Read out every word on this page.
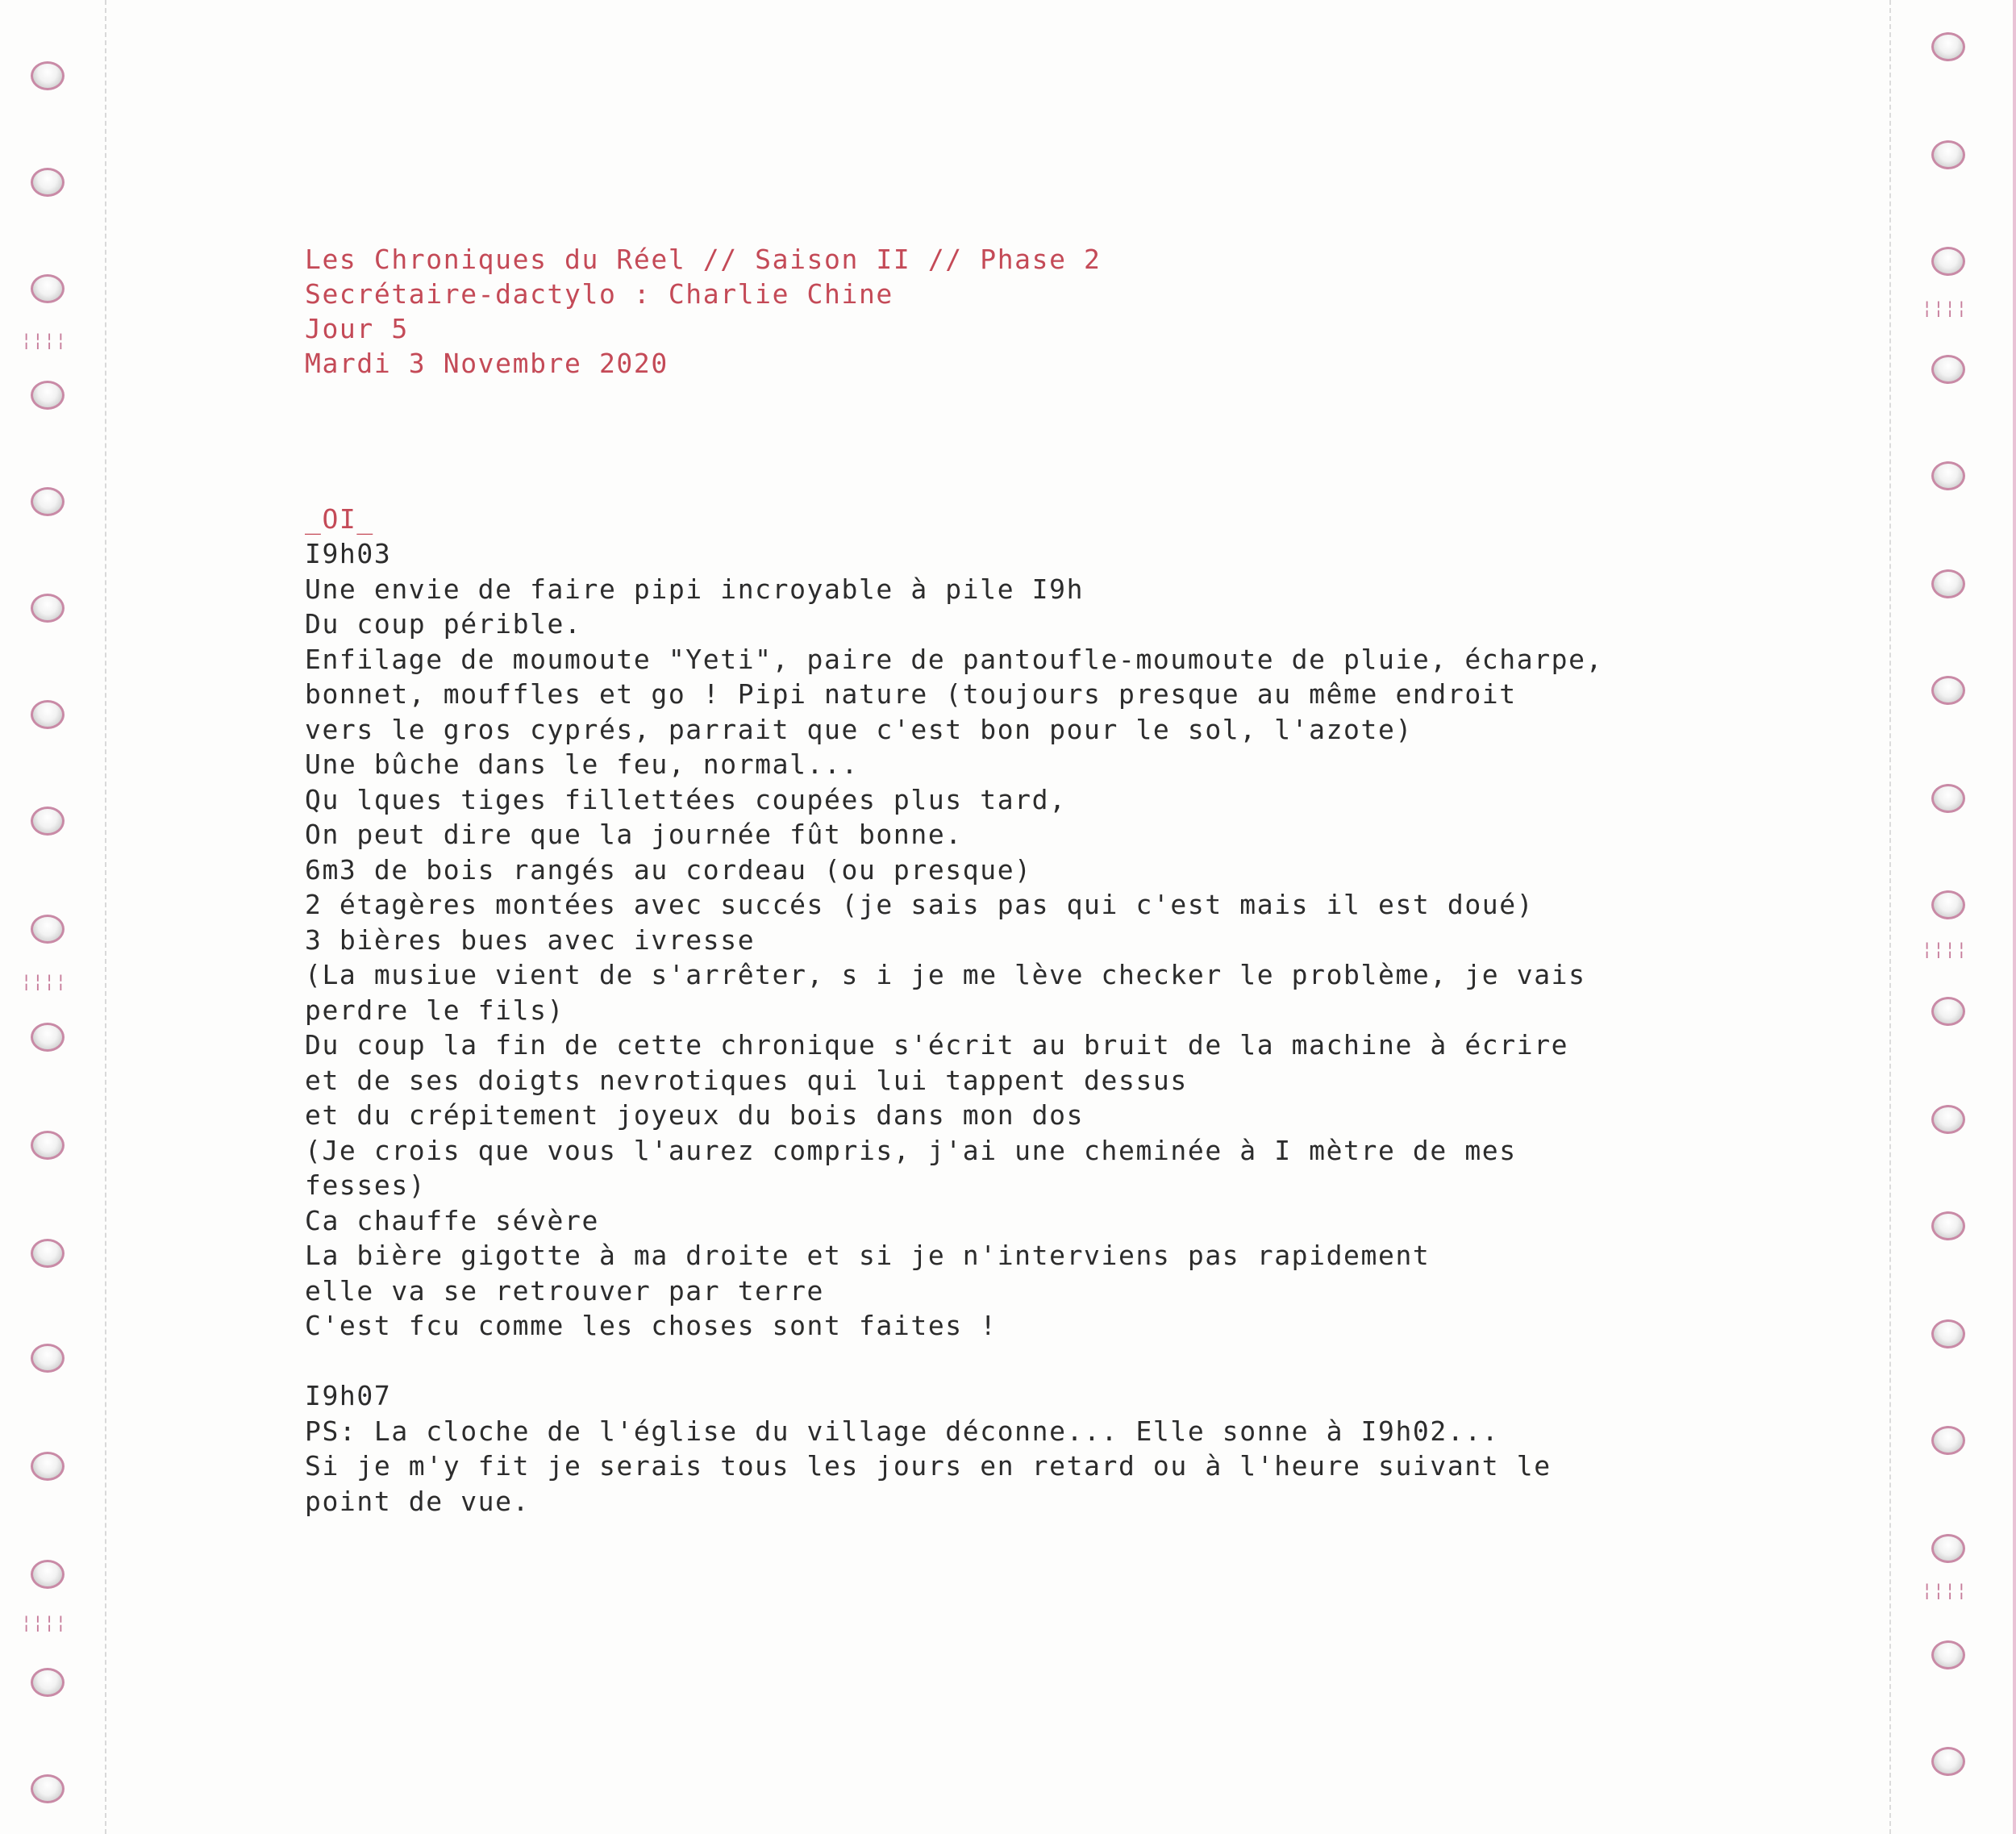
¦¦¦¦
¦¦¦¦
¦¦¦¦
¦¦¦¦
¦¦¦¦
¦¦¦¦
Les Chroniques du Réel // Saison II // Phase 2
Secrétaire-dactylo : Charlie Chine
Jour 5
Mardi 3 Novembre 2020
_OI_
I9h03
Une envie de faire pipi incroyable à pile I9h
Du coup périble.
Enfilage de moumoute "Yeti", paire de pantoufle-moumoute de pluie, écharpe,
bonnet, mouffles et go ! Pipi nature (toujours presque au même endroit
vers le gros cyprés, parrait que c'est bon pour le sol, l'azote)
Une bûche dans le feu, normal...
Qu lques tiges fillettées coupées plus tard,
On peut dire que la journée fût bonne.
6m3 de bois rangés au cordeau (ou presque)
2 étagères montées avec succés (je sais pas qui c'est mais il est doué)
3 bières bues avec ivresse
(La musiue vient de s'arrêter, s i je me lève checker le problème, je vais
perdre le fils)
Du coup la fin de cette chronique s'écrit au bruit de la machine à écrire
et de ses doigts nevrotiques qui lui tappent dessus
et du crépitement joyeux du bois dans mon dos
(Je crois que vous l'aurez compris, j'ai une cheminée à I mètre de mes
fesses)
Ca chauffe sévère
La bière gigotte à ma droite et si je n'interviens pas rapidement
elle va se retrouver par terre
C'est fcu comme les choses sont faites !
I9h07
PS: La cloche de l'église du village déconne... Elle sonne à I9h02...
Si je m'y fit je serais tous les jours en retard ou à l'heure suivant le
point de vue.
